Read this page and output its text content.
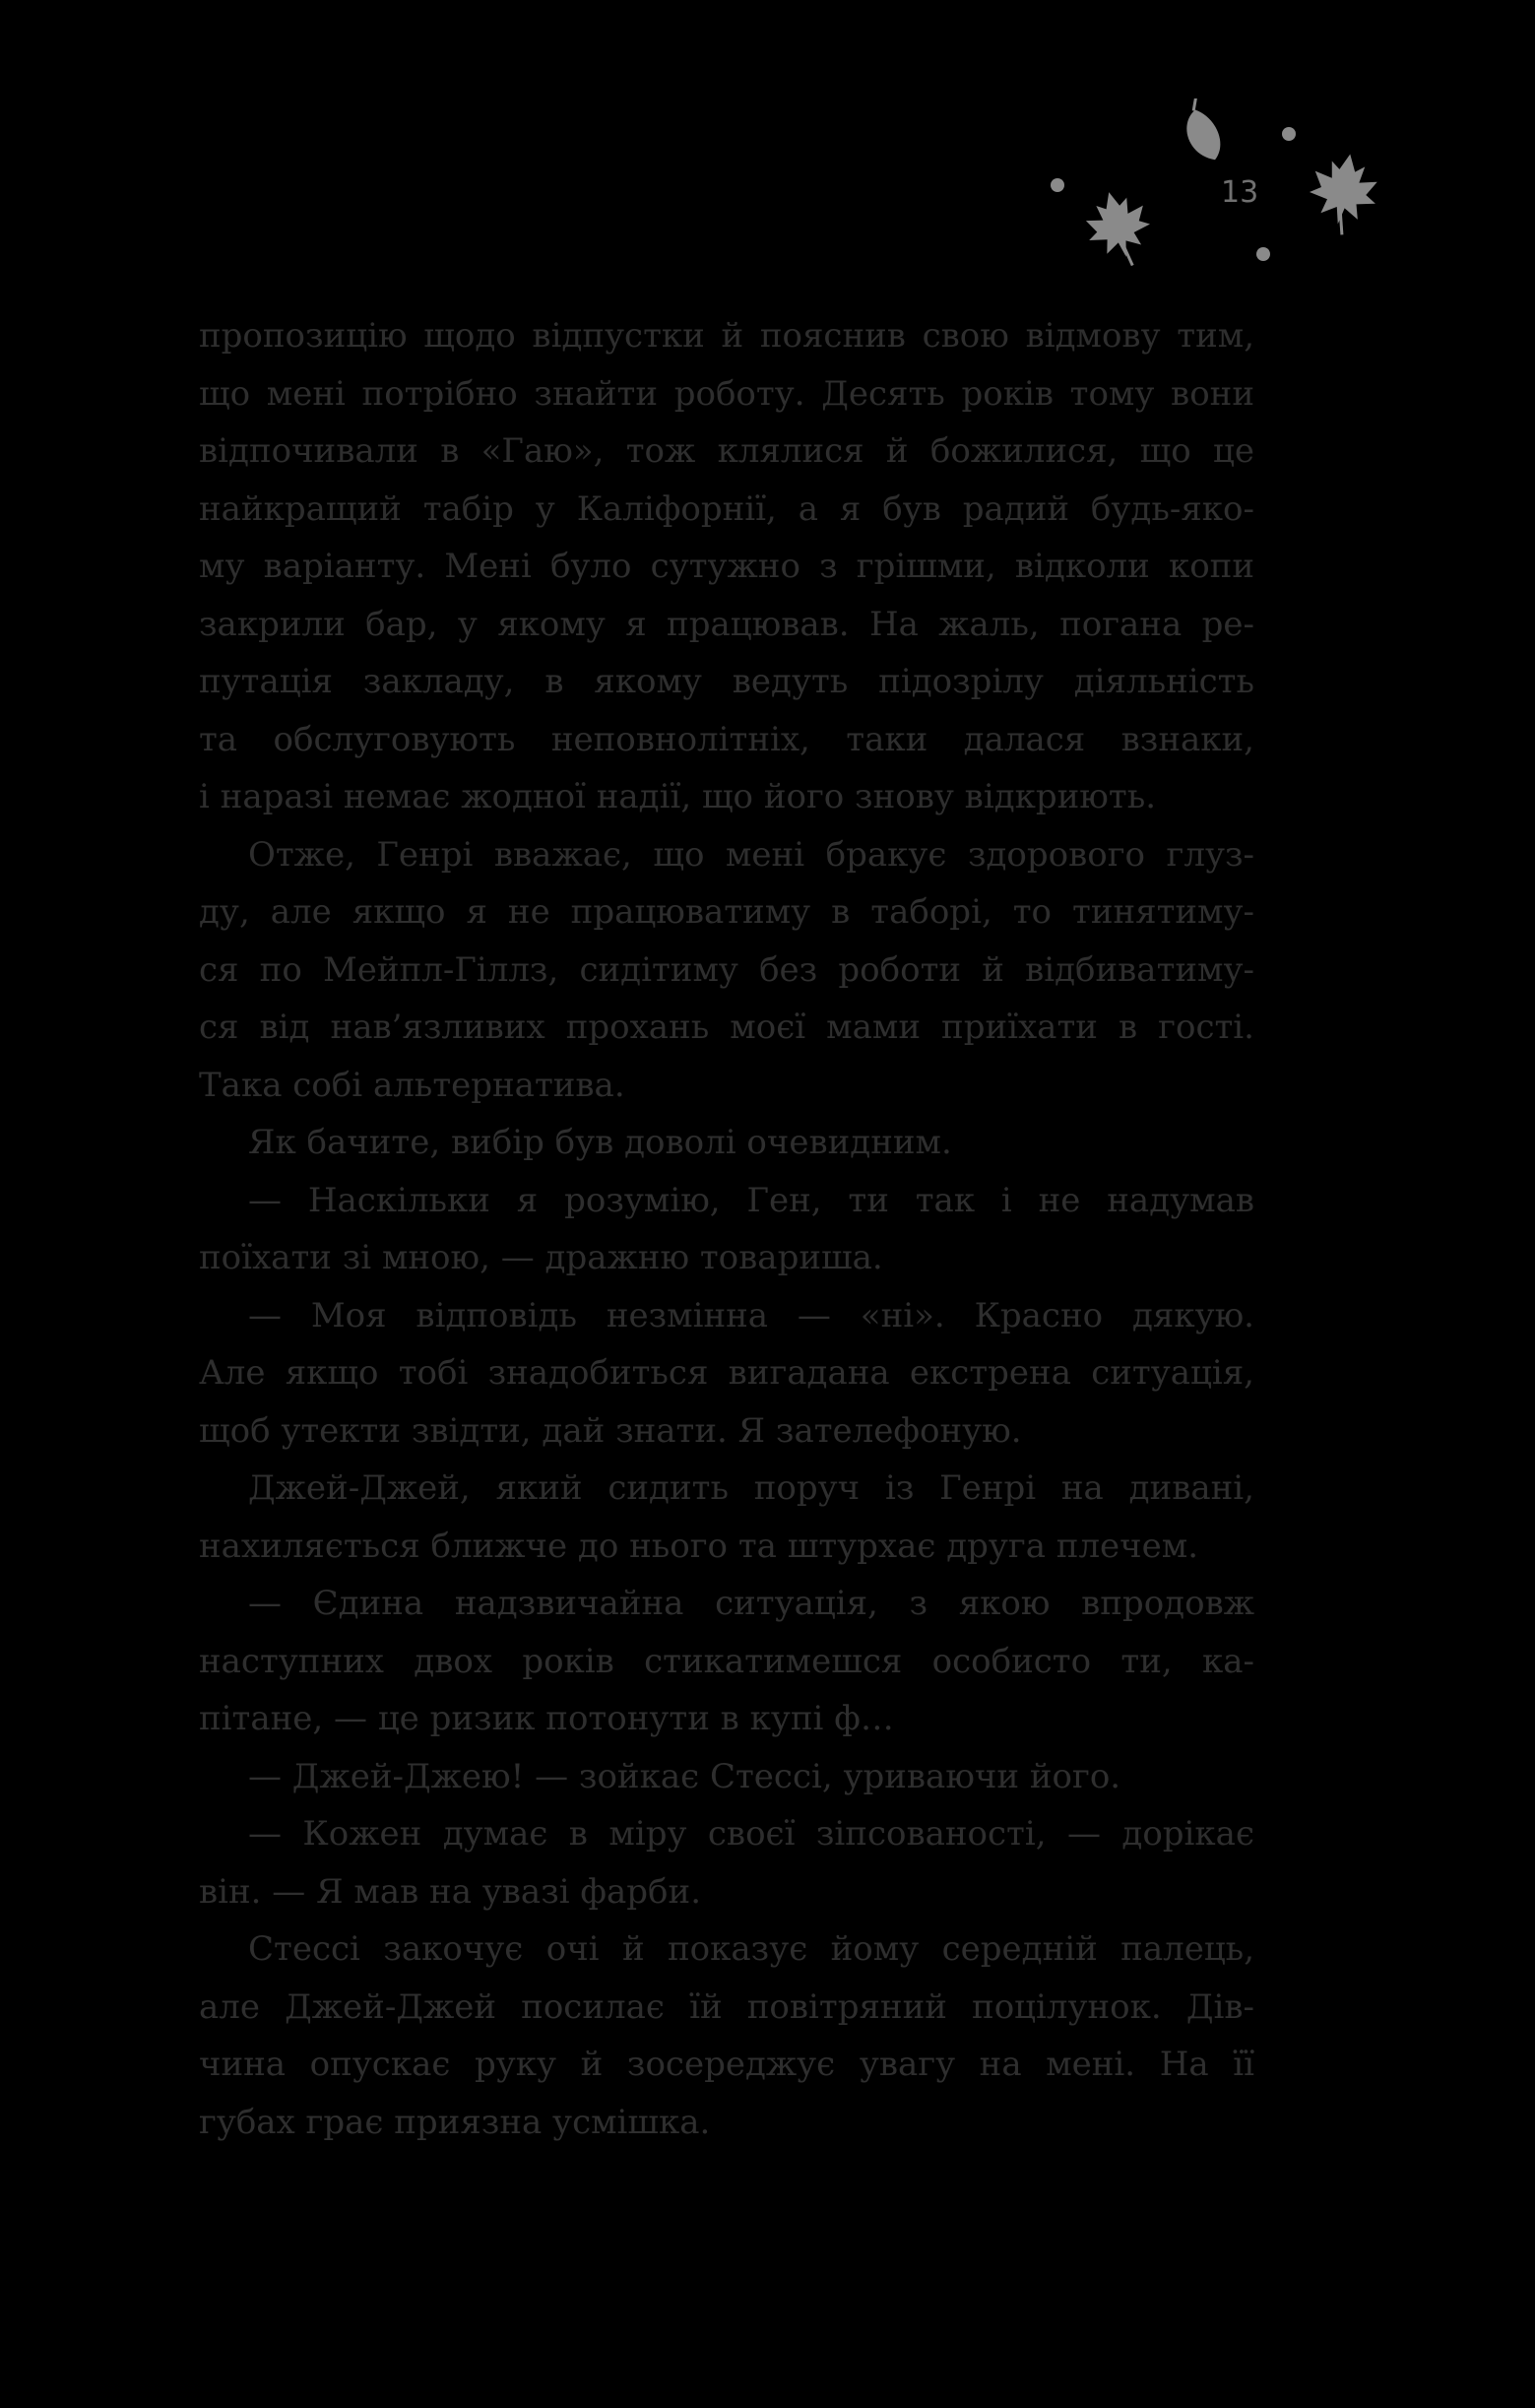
13
пропозицію щодо відпустки й пояснив свою відмову тим,
що мені потрібно знайти роботу. Десять років тому вони
відпочивали в «Гаю», тож клялися й божилися, що це
найкращий табір у Каліфорнії, а я був радий будь-яко-
му варіанту. Мені було сутужно з грішми, відколи копи
закрили бар, у якому я працював. На жаль, погана ре-
путація закладу, в якому ведуть підозрілу діяльність
та обслуговують неповнолітніх, таки далася взнаки,
і наразі немає жодної надії, що його знову відкриють.
Отже, Генрі вважає, що мені бракує здорового глуз-
ду, але якщо я не працюватиму в таборі, то тинятиму-
ся по Мейпл-Гіллз, сидітиму без роботи й відбиватиму-
ся від нав’язливих прохань моєї мами приїхати в гості.
Така собі альтернатива.
Як бачите, вибір був доволі очевидним.
— Наскільки я розумію, Ген, ти так і не надумав
поїхати зі мною, — дражню товариша.
— Моя відповідь незмінна — «ні». Красно дякую.
Але якщо тобі знадобиться вигадана екстрена ситуація,
щоб утекти звідти, дай знати. Я зателефоную.
Джей-Джей, який сидить поруч із Генрі на дивані,
нахиляється ближче до нього та штурхає друга плечем.
— Єдина надзвичайна ситуація, з якою впродовж
наступних двох років стикатимешся особисто ти, ка-
пітане, — це ризик потонути в купі ф…
— Джей-Джею! — зойкає Стессі, уриваючи його.
— Кожен думає в міру своєї зіпсованості, — дорікає
він. — Я мав на увазі фарби.
Стессі закочує очі й показує йому середній палець,
але Джей-Джей посилає їй повітряний поцілунок. Дів-
чина опускає руку й зосереджує увагу на мені. На її
губах грає приязна усмішка.
